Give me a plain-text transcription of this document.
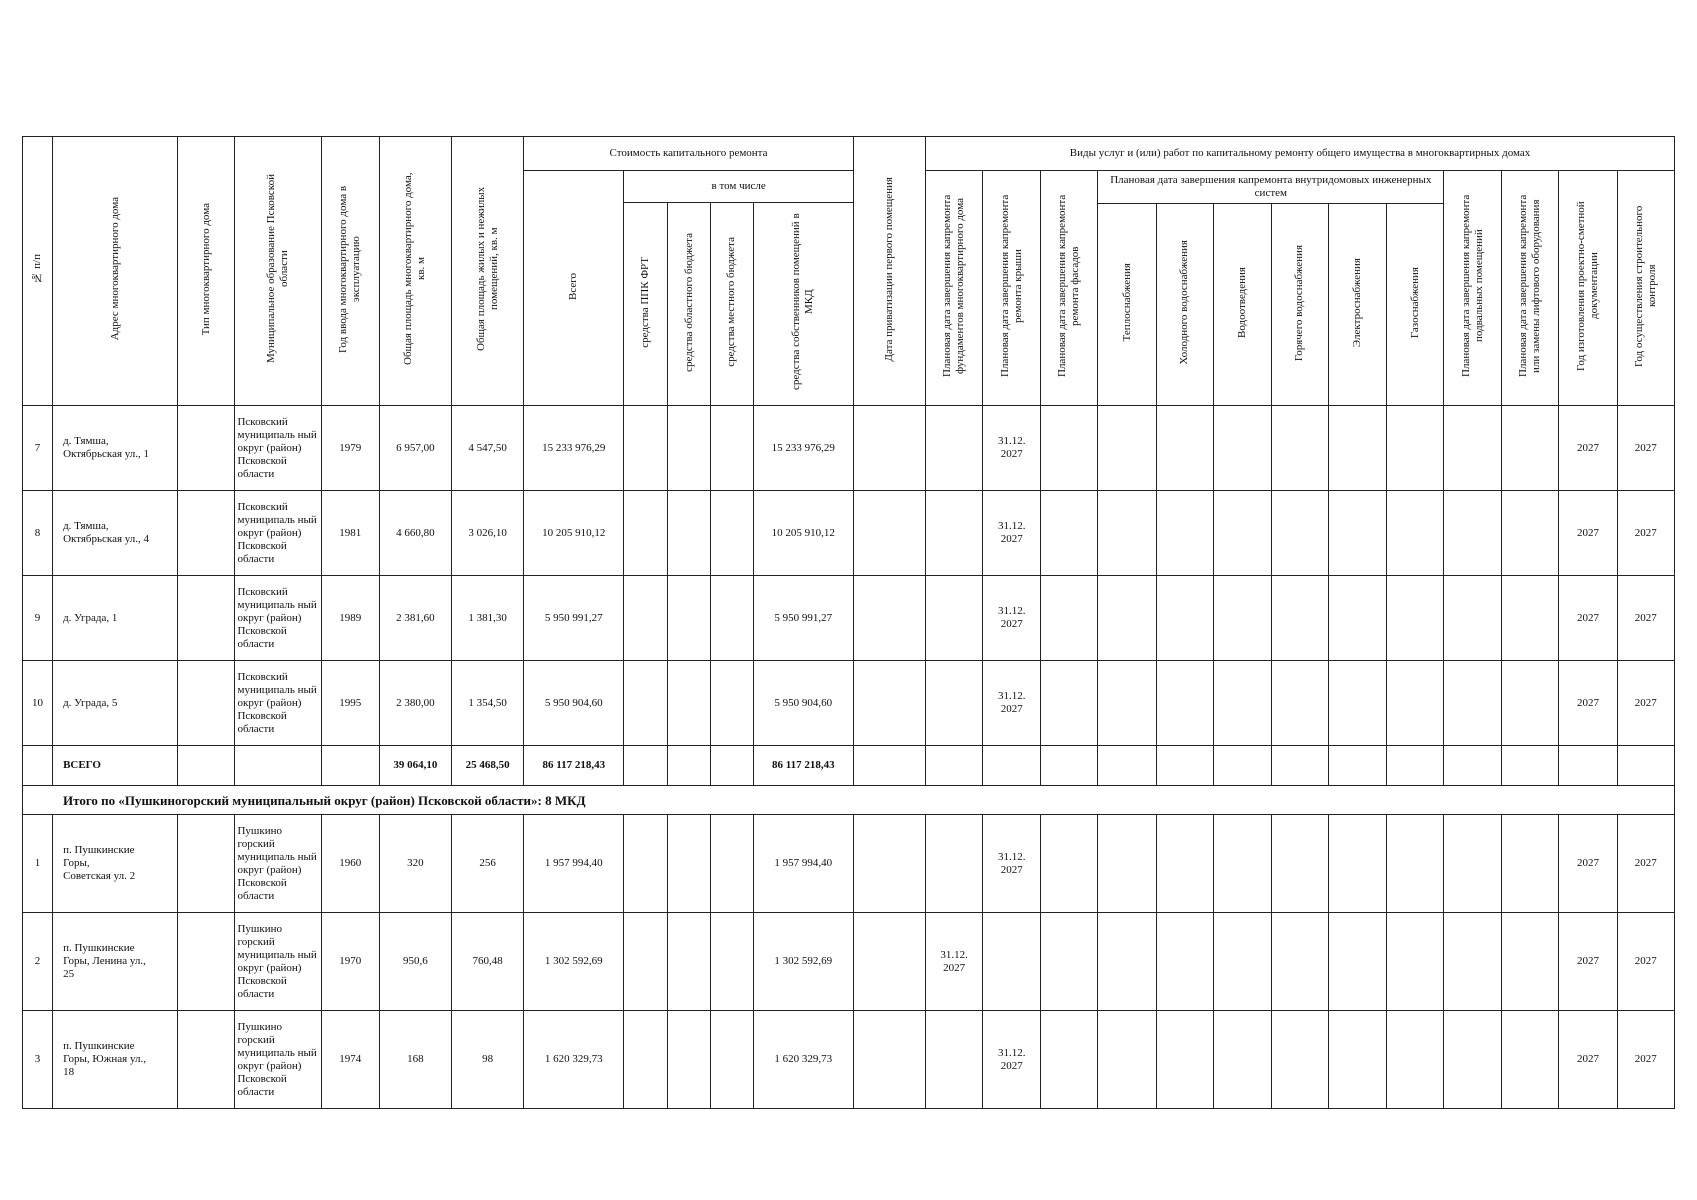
№ п/п	Адрес многоквартирного дома	Тип многоквартирного дома	Муниципальное образование Псковской области	Год ввода многоквартирного дома в эксплуатацию	Общая площадь многоквартирного дома, кв. м	Общая площадь жилых и нежилых помещений, кв. м	Стоимость капитального ремонта					Дата приватизации первого помещения	Виды услуг и (или) работ по капитальному ремонту общего имущества в многоквартирных домах												
							Всего	в том числе					Плановая дата завершения капремонта фундаментов многоквартирного дома	Плановая дата завершения капремонта ремонта крыши	Плановая дата завершения капремонта ремонта фасадов	Плановая дата завершения капремонта внутридомовых инженерных систем						Плановая дата завершения капремонта подвальных помещений	Плановая дата завершения капремонта или замены лифтового оборудования	Год изготовления проектно-сметной документации	Год осуществления строительного контроля
								средства ППК ФРТ	средства областного бюджета	средства местного бюджета	средства собственников помещений в МКД														
																Теплоснабжения	Холодного водоснабжения	Водоотведения	Горячего водоснабжения	Электроснабжения	Газоснабжения				
7	д. Тямша,
Октябрьская ул., 1		Псковский муниципаль ный округ (район) Псковской области	1979	6 957,00	4 547,50	15 233 976,29				15 233 976,29			31.12.
2027										2027	2027
8	д. Тямша,
Октябрьская ул., 4		Псковский муниципаль ный округ (район) Псковской области	1981	4 660,80	3 026,10	10 205 910,12				10 205 910,12			31.12.
2027										2027	2027
9	д. Уграда, 1		Псковский муниципаль ный округ (район) Псковской области	1989	2 381,60	1 381,30	5 950 991,27				5 950 991,27			31.12.
2027										2027	2027
10	д. Уграда, 5		Псковский муниципаль ный округ (район) Псковской области	1995	2 380,00	1 354,50	5 950 904,60				5 950 904,60			31.12.
2027										2027	2027
	ВСЕГО				39 064,10	25 468,50	86 117 218,43				86 117 218,43														
Итого по «Пушкиногорский муниципальный округ (район) Псковской области»: 8 МКД																									
1	п. Пушкинские
Горы,
Советская ул. 2		Пушкино горский муниципаль ный округ (район) Псковской области	1960	320	256	1 957 994,40				1 957 994,40			31.12.
2027										2027	2027
2	п. Пушкинские
Горы, Ленина ул.,
25		Пушкино горский муниципаль ный округ (район) Псковской области	1970	950,6	760,48	1 302 592,69				1 302 592,69		31.12.
2027											2027	2027
3	п. Пушкинские
Горы, Южная ул.,
18		Пушкино горский муниципаль ный округ (район) Псковской области	1974	168	98	1 620 329,73				1 620 329,73			31.12.
2027										2027	2027
